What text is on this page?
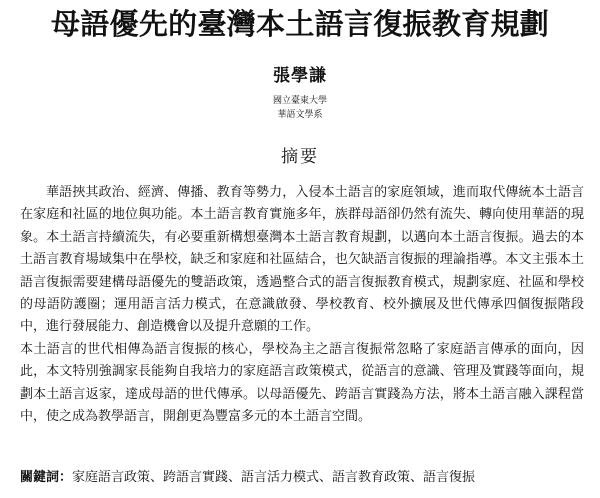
母語優先的臺灣本土語言復振教育規劃
張學謙
國立臺東大學
華語文學系
摘要

華語挾其政治、經濟、傳播、教育等勢力，入侵本土語言的家庭領域，進而取代傳統本土語言在家庭和社區的地位與功能。本土語言教育實施多年，族群母語卻仍然有流失、轉向使用華語的現象。本土語言持續流失，有必要重新構想臺灣本土語言教育規劃，以邁向本土語言復振。過去的本土語言教育場域集中在學校，缺乏和家庭和社區結合，也欠缺語言復振的理論指導。本文主張本土語言復振需要建構母語優先的雙語政策，透過整合式的語言復振教育模式，規劃家庭、社區和學校的母語防護圈；運用語言活力模式，在意識啟發、學校教育、校外擴展及世代傳承四個復振階段中，進行發展能力、創造機會以及提升意願的工作。

本土語言的世代相傳為語言復振的核心，學校為主之語言復振常忽略了家庭語言傳承的面向，因此，本文特別強調家長能夠自我培力的家庭語言政策模式，從語言的意識、管理及實踐等面向，規劃本土語言返家，達成母語的世代傳承。以母語優先、跨語言實踐為方法，將本土語言融入課程當中，使之成為教學語言，開創更為豐富多元的本土語言空間。

關鍵詞：家庭語言政策、跨語言實踐、語言活力模式、語言教育政策、語言復振
